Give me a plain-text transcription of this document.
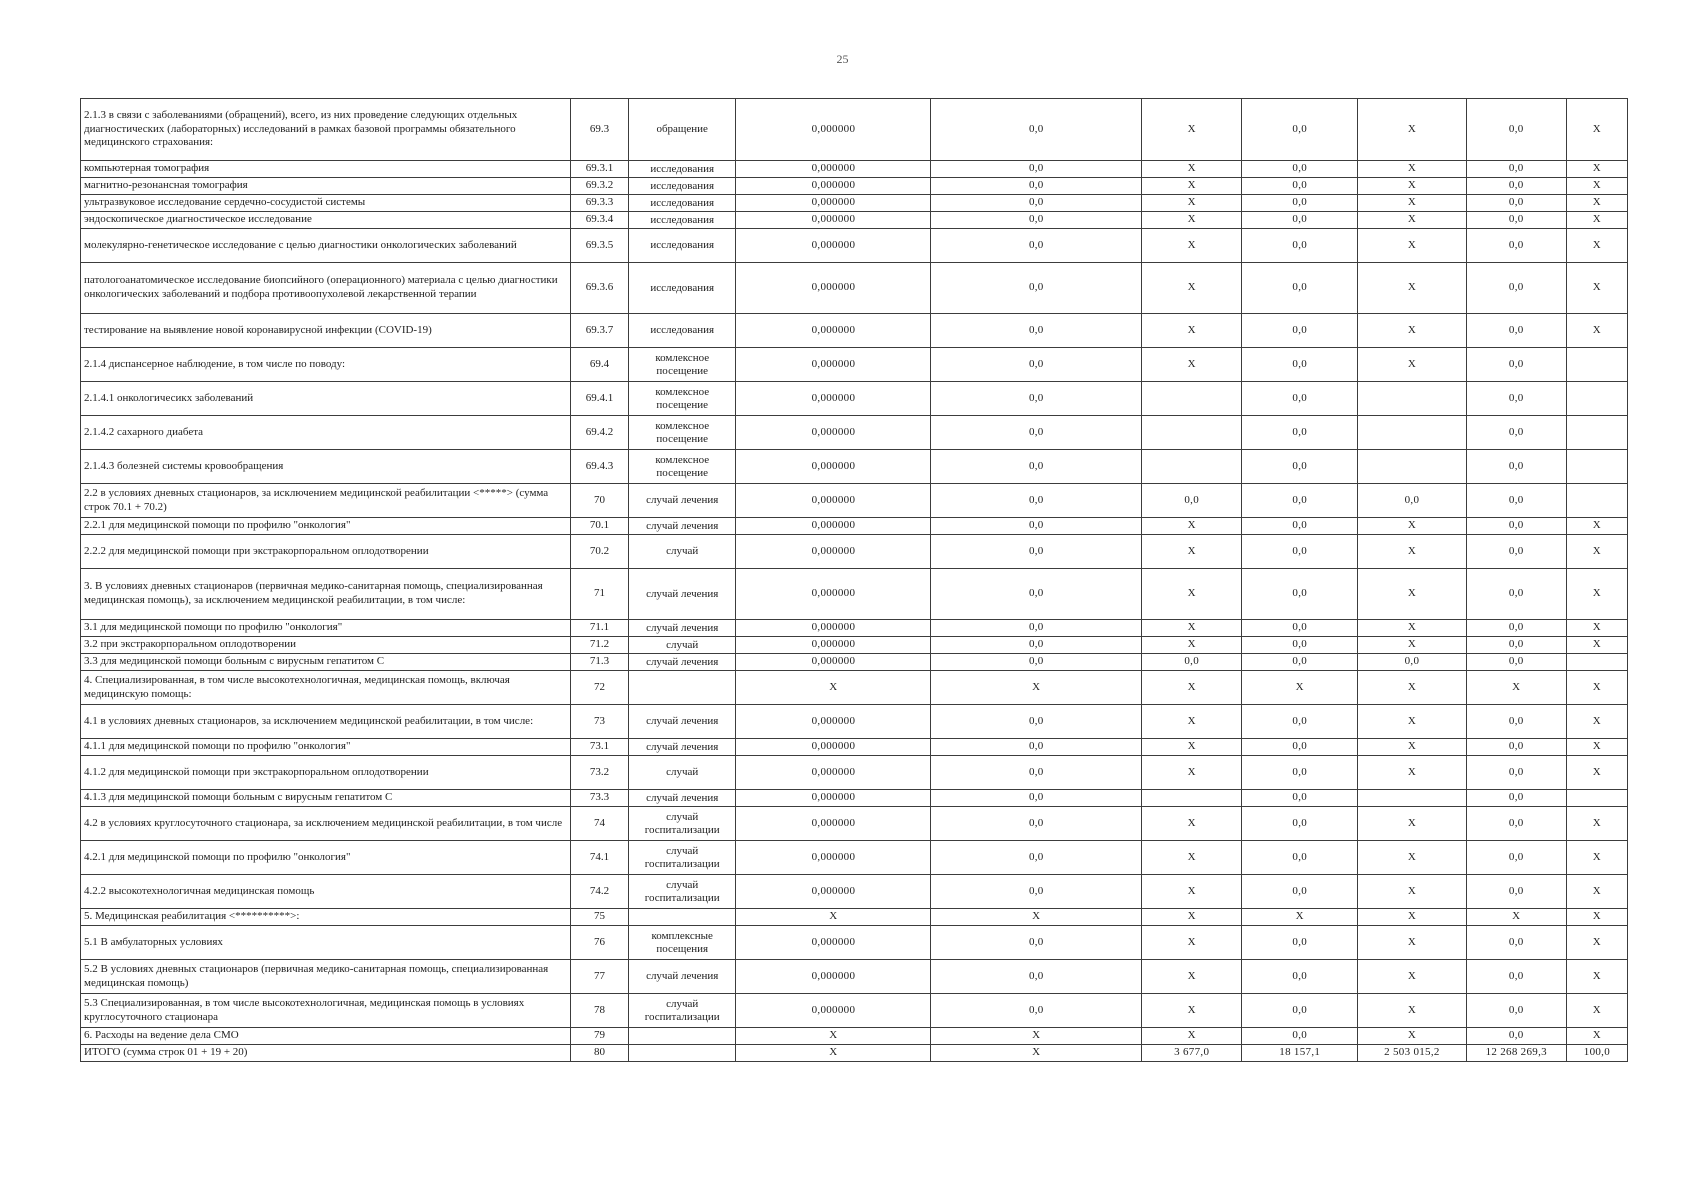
25
2.1.3 в связи с заболеваниями (обращений), всего, из них проведение следующих отдельных диагностических (лабораторных) исследований в рамках базовой программы обязательного медицинского страхования:	69.3	обращение	0,000000	0,0	Х	0,0	Х	0,0	Х
компьютерная томография	69.3.1	исследования	0,000000	0,0	Х	0,0	Х	0,0	Х
магнитно-резонансная томография	69.3.2	исследования	0,000000	0,0	Х	0,0	Х	0,0	Х
ультразвуковое исследование сердечно-сосудистой системы	69.3.3	исследования	0,000000	0,0	Х	0,0	Х	0,0	Х
эндоскопическое диагностическое исследование	69.3.4	исследования	0,000000	0,0	Х	0,0	Х	0,0	Х
молекулярно-генетическое исследование с целью диагностики онкологических заболеваний	69.3.5	исследования	0,000000	0,0	Х	0,0	Х	0,0	Х
патологоанатомическое исследование биопсийного (операционного) материала с целью диагностики онкологических заболеваний и подбора противоопухолевой лекарственной терапии	69.3.6	исследования	0,000000	0,0	Х	0,0	Х	0,0	Х
тестирование на выявление новой коронавирусной инфекции (COVID-19)	69.3.7	исследования	0,000000	0,0	Х	0,0	Х	0,0	Х
2.1.4 диспансерное наблюдение, в том числе по поводу:	69.4	комлексное посещение	0,000000	0,0	Х	0,0	Х	0,0	
2.1.4.1 онкологичесикх заболеваний	69.4.1	комлексное посещение	0,000000	0,0		0,0		0,0	
2.1.4.2 сахарного диабета	69.4.2	комлексное посещение	0,000000	0,0		0,0		0,0	
2.1.4.3 болезней системы кровообращения	69.4.3	комлексное посещение	0,000000	0,0		0,0		0,0	
2.2 в условиях дневных стационаров, за исключением медицинской реабилитации <*****> (сумма строк 70.1 + 70.2)	70	случай лечения	0,000000	0,0	0,0	0,0	0,0	0,0	
2.2.1 для медицинской помощи по профилю "онкология"	70.1	случай лечения	0,000000	0,0	Х	0,0	Х	0,0	Х
2.2.2 для медицинской помощи при экстракорпоральном оплодотворении	70.2	случай	0,000000	0,0	Х	0,0	Х	0,0	Х
3. В условиях дневных стационаров (первичная медико-санитарная помощь, специализированная медицинская помощь), за исключением медицинской реабилитации, в том числе:	71	случай лечения	0,000000	0,0	Х	0,0	Х	0,0	Х
3.1 для медицинской помощи по профилю "онкология"	71.1	случай лечения	0,000000	0,0	Х	0,0	Х	0,0	Х
3.2 при экстракорпоральном оплодотворении	71.2	случай	0,000000	0,0	Х	0,0	Х	0,0	Х
3.3 для медицинской помощи больным с вирусным гепатитом С	71.3	случай лечения	0,000000	0,0	0,0	0,0	0,0	0,0	
4. Специализированная, в том числе высокотехнологичная, медицинская помощь, включая медицинскую помощь:	72		Х	Х	Х	Х	Х	Х	Х
4.1 в условиях дневных стационаров, за исключением медицинской реабилитации, в том числе:	73	случай лечения	0,000000	0,0	Х	0,0	Х	0,0	Х
4.1.1 для медицинской помощи по профилю "онкология"	73.1	случай лечения	0,000000	0,0	Х	0,0	Х	0,0	Х
4.1.2 для медицинской помощи при экстракорпоральном оплодотворении	73.2	случай	0,000000	0,0	Х	0,0	Х	0,0	Х
4.1.3 для медицинской помощи больным с вирусным гепатитом С	73.3	случай лечения	0,000000	0,0		0,0		0,0	
4.2 в условиях круглосуточного стационара, за исключением медицинской реабилитации, в том числе	74	случай госпитализации	0,000000	0,0	Х	0,0	Х	0,0	Х
4.2.1 для медицинской помощи по профилю "онкология"	74.1	случай госпитализации	0,000000	0,0	Х	0,0	Х	0,0	Х
4.2.2 высокотехнологичная медицинская помощь	74.2	случай госпитализации	0,000000	0,0	Х	0,0	Х	0,0	Х
5. Медицинская реабилитация <**********>:	75		Х	Х	Х	Х	Х	Х	Х
5.1 В амбулаторных условиях	76	комплексные посещения	0,000000	0,0	Х	0,0	Х	0,0	Х
5.2 В условиях дневных стационаров (первичная медико-санитарная помощь, специализированная медицинская помощь)	77	случай лечения	0,000000	0,0	Х	0,0	Х	0,0	Х
5.3 Специализированная, в том числе высокотехнологичная, медицинская помощь в условиях круглосуточного стационара	78	случай госпитализации	0,000000	0,0	Х	0,0	Х	0,0	Х
6. Расходы на ведение дела СМО	79		Х	Х	Х	0,0	Х	0,0	Х
ИТОГО (сумма строк 01 + 19 + 20)	80		Х	Х	3 677,0	18 157,1	2 503 015,2	12 268 269,3	100,0
